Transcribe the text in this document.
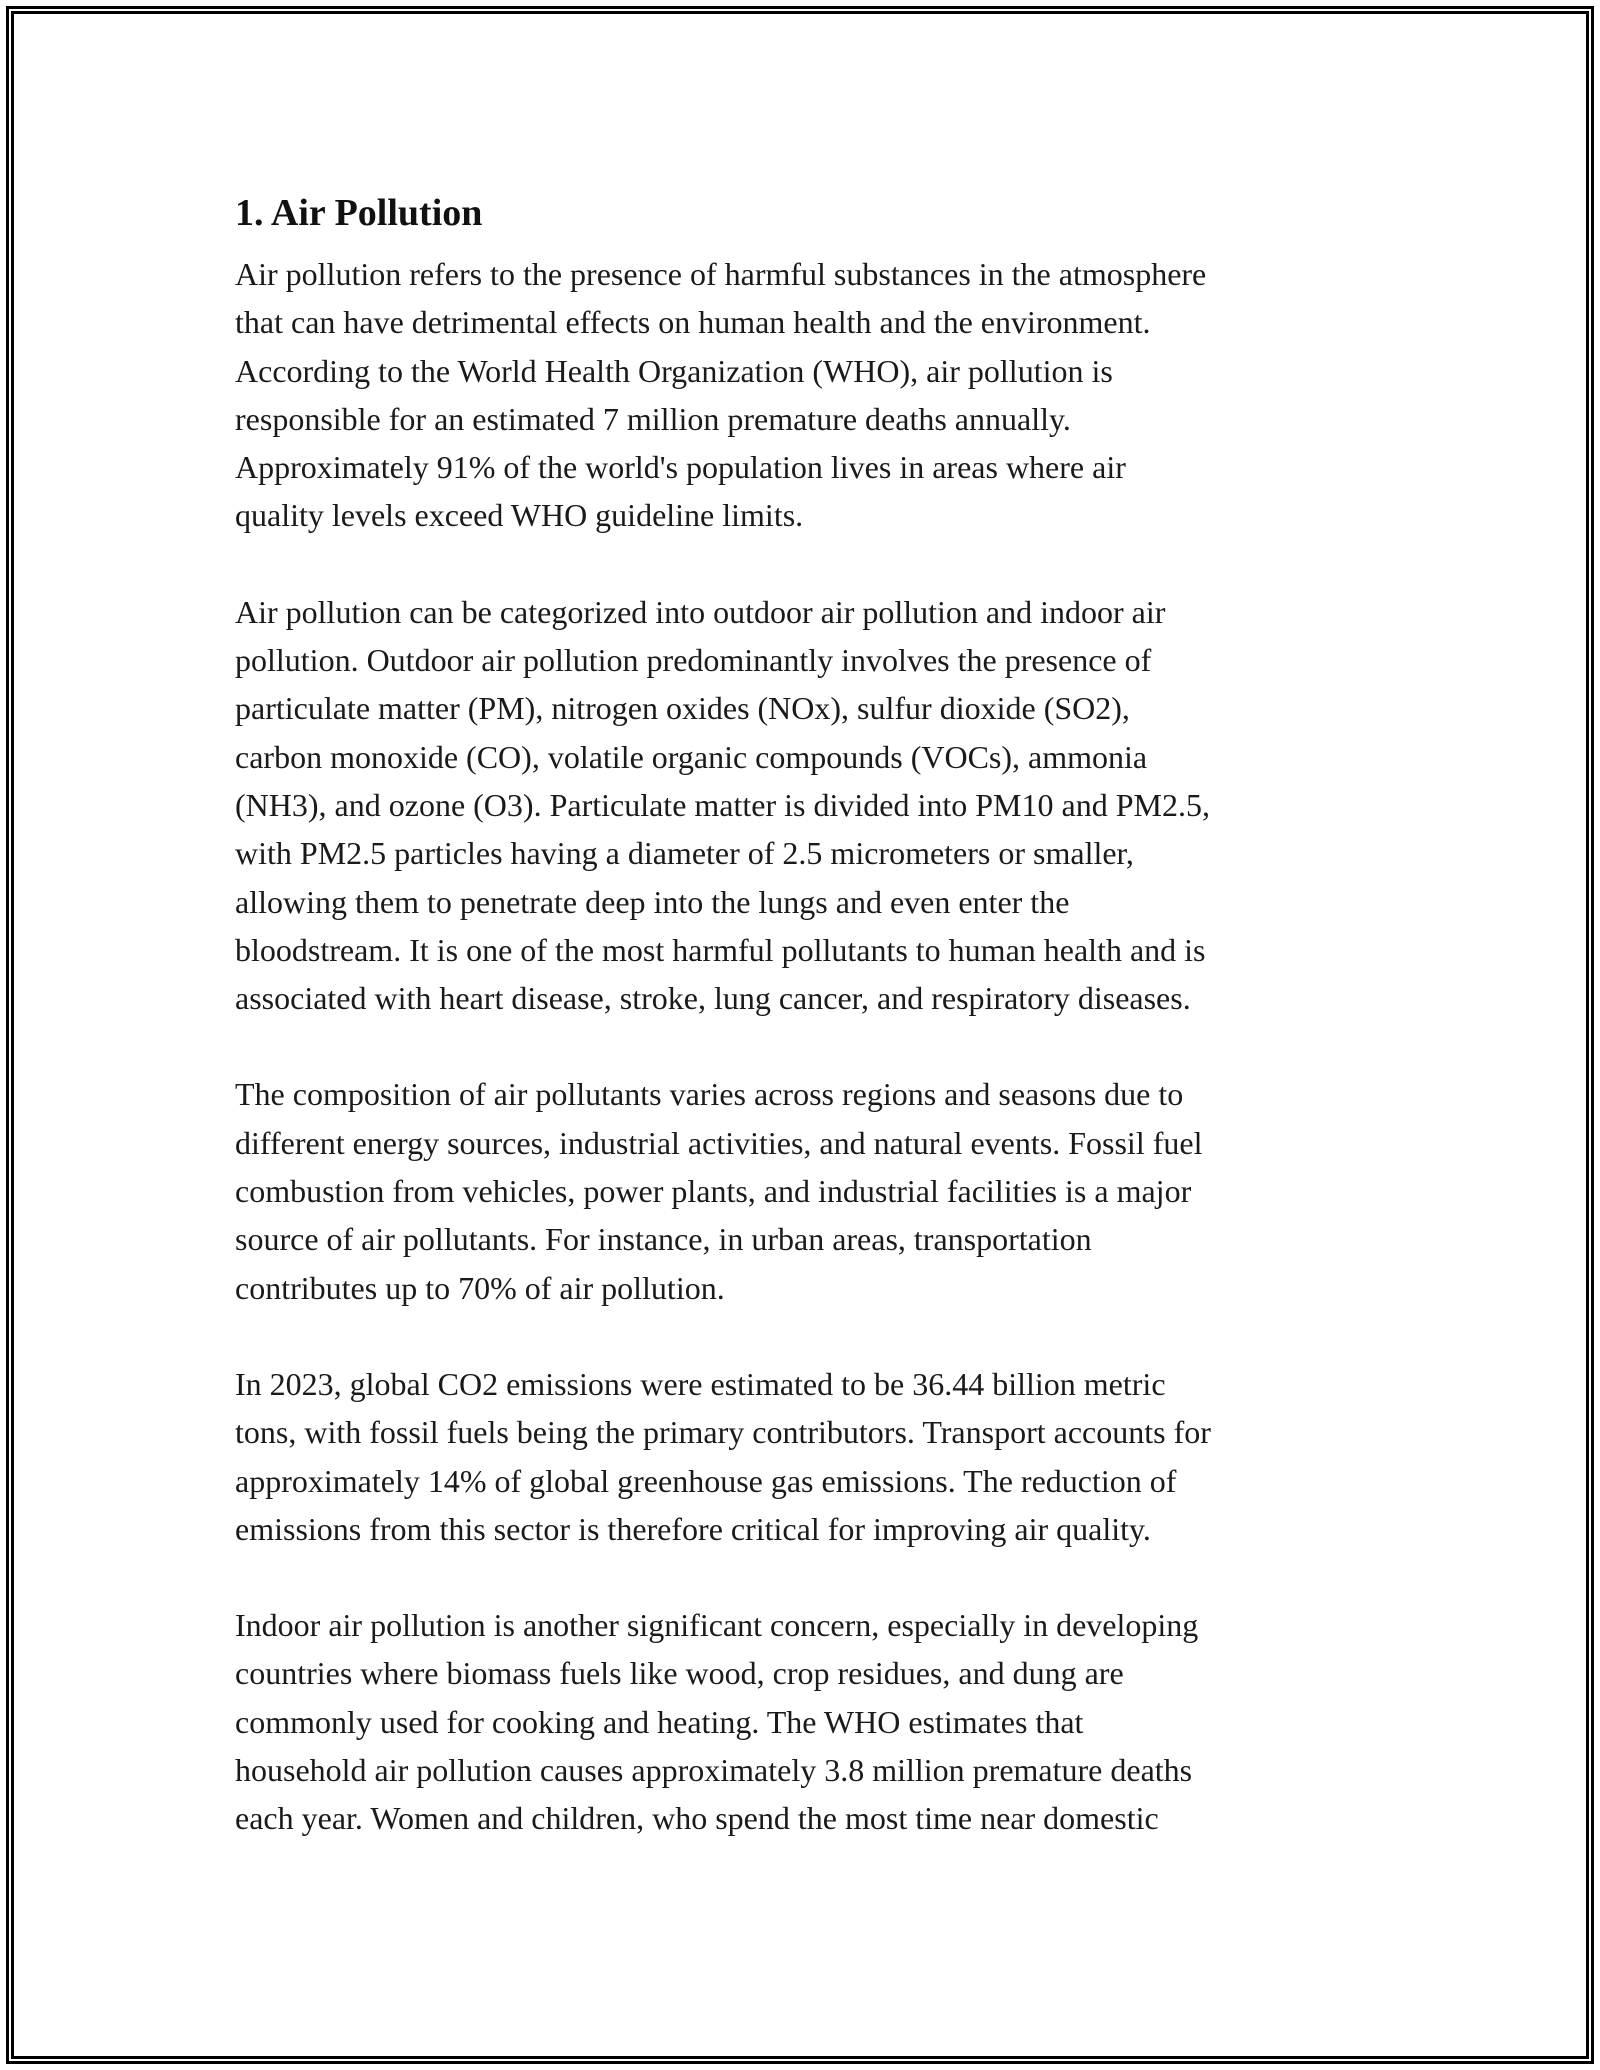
1. Air Pollution

Air pollution refers to the presence of harmful substances in the atmosphere
that can have detrimental effects on human health and the environment.
According to the World Health Organization (WHO), air pollution is
responsible for an estimated 7 million premature deaths annually.
Approximately 91% of the world's population lives in areas where air
quality levels exceed WHO guideline limits.

Air pollution can be categorized into outdoor air pollution and indoor air
pollution. Outdoor air pollution predominantly involves the presence of
particulate matter (PM), nitrogen oxides (NOx), sulfur dioxide (SO2),
carbon monoxide (CO), volatile organic compounds (VOCs), ammonia
(NH3), and ozone (O3). Particulate matter is divided into PM10 and PM2.5,
with PM2.5 particles having a diameter of 2.5 micrometers or smaller,
allowing them to penetrate deep into the lungs and even enter the
bloodstream. It is one of the most harmful pollutants to human health and is
associated with heart disease, stroke, lung cancer, and respiratory diseases.

The composition of air pollutants varies across regions and seasons due to
different energy sources, industrial activities, and natural events. Fossil fuel
combustion from vehicles, power plants, and industrial facilities is a major
source of air pollutants. For instance, in urban areas, transportation
contributes up to 70% of air pollution.

In 2023, global CO2 emissions were estimated to be 36.44 billion metric
tons, with fossil fuels being the primary contributors. Transport accounts for
approximately 14% of global greenhouse gas emissions. The reduction of
emissions from this sector is therefore critical for improving air quality.

Indoor air pollution is another significant concern, especially in developing
countries where biomass fuels like wood, crop residues, and dung are
commonly used for cooking and heating. The WHO estimates that
household air pollution causes approximately 3.8 million premature deaths
each year. Women and children, who spend the most time near domestic
